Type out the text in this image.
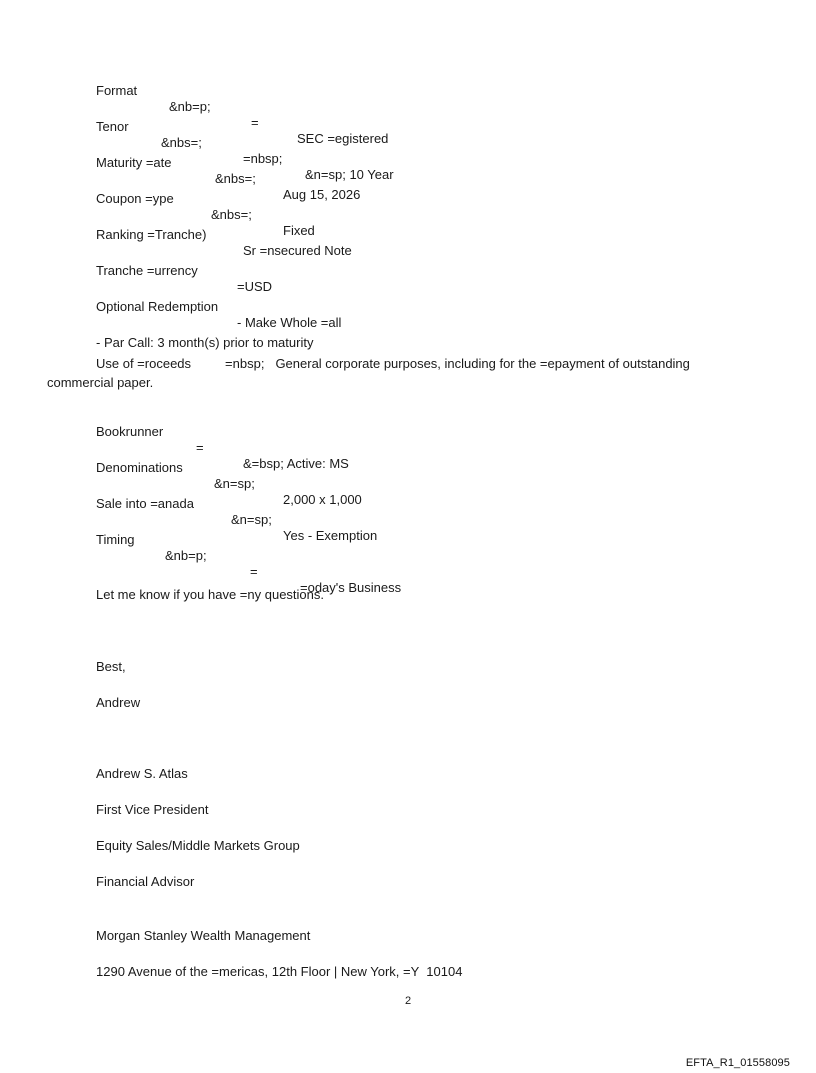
Format

&nb=p;

=

SEC =egistered

Tenor

&nbs=;

=nbsp;

&n=sp; 10 Year

Maturity =ate

&nbs=;

Aug 15, 2026

Coupon =ype

&nbs=;

Fixed

Ranking =Tranche)

Sr =nsecured Note

Tranche =urrency

=USD

Optional Redemption

- Make Whole =all

- Par Call: 3 month(s) prior to maturity

Use of =roceeds	=nbsp; General corporate purposes, including for the =epayment of outstanding commercial paper.

Bookrunner

=

&=bsp; Active: MS

Denominations

&n=sp;

2,000 x 1,000

Sale into =anada

&n=sp;

Yes - Exemption

Timing

&nb=p;

=

=oday's Business

Let me know if you have =ny questions.
Best,
Andrew
Andrew S. Atlas
First Vice President
Equity Sales/Middle Markets Group
Financial Advisor
Morgan Stanley Wealth Management
1290 Avenue of the =mericas, 12th Floor | New York, =Y  10104
2
EFTA_R1_01558095
